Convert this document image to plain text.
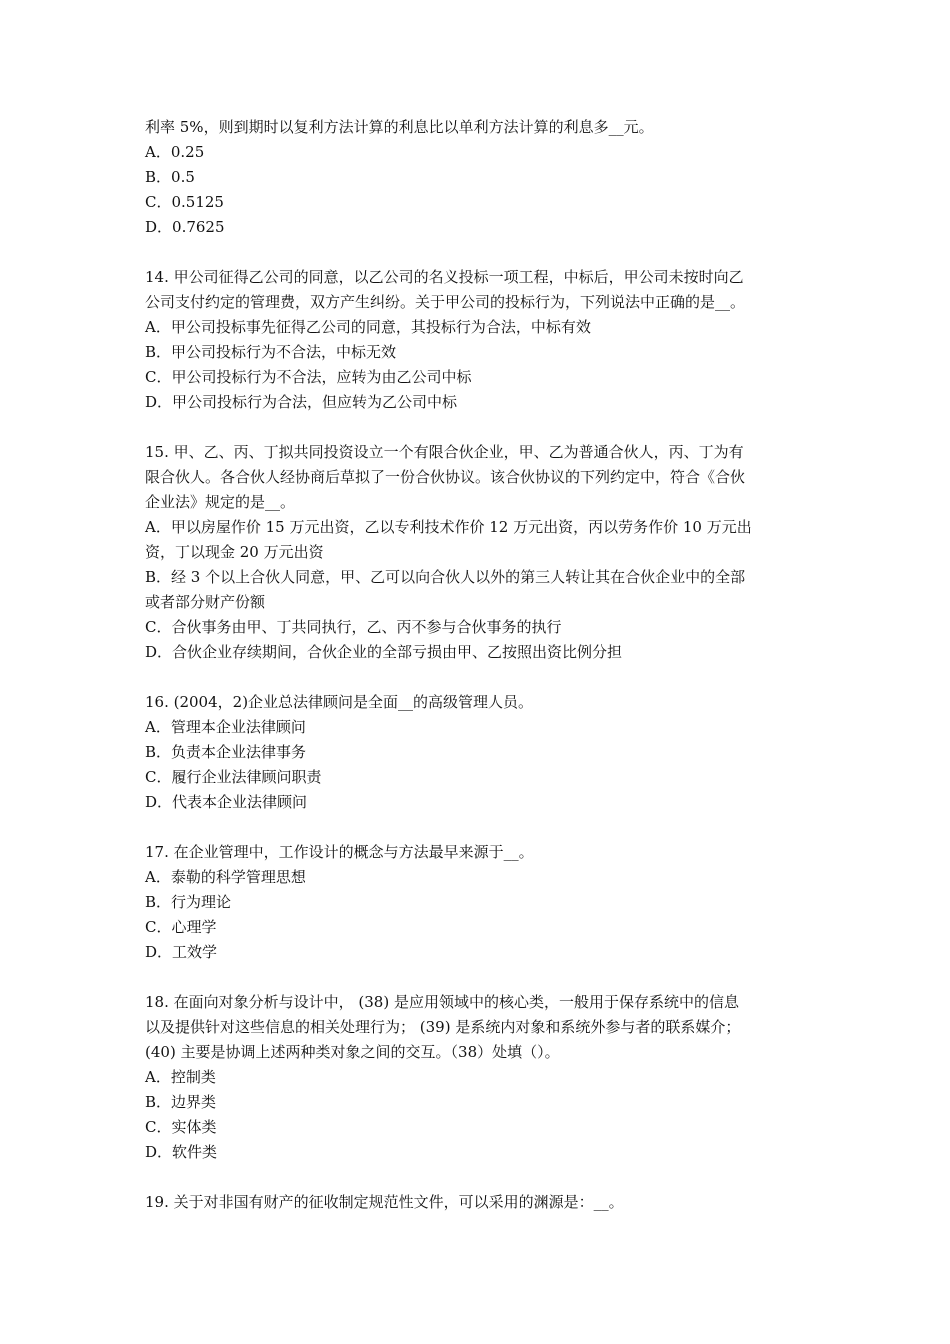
利率 5%，则到期时以复利方法计算的利息比以单利方法计算的利息多__元。
A．0.25
B．0.5
C．0.5125
D．0.7625
14. 甲公司征得乙公司的同意，以乙公司的名义投标一项工程，中标后，甲公司未按时向乙
公司支付约定的管理费，双方产生纠纷。关于甲公司的投标行为，下列说法中正确的是__。
A．甲公司投标事先征得乙公司的同意，其投标行为合法，中标有效
B．甲公司投标行为不合法，中标无效
C．甲公司投标行为不合法，应转为由乙公司中标
D．甲公司投标行为合法，但应转为乙公司中标
15. 甲、乙、丙、丁拟共同投资设立一个有限合伙企业，甲、乙为普通合伙人，丙、丁为有
限合伙人。各合伙人经协商后草拟了一份合伙协议。该合伙协议的下列约定中，符合《合伙
企业法》规定的是__。
A．甲以房屋作价 15 万元出资，乙以专利技术作价 12 万元出资，丙以劳务作价 10 万元出
资，丁以现金 20 万元出资
B．经 3 个以上合伙人同意，甲、乙可以向合伙人以外的第三人转让其在合伙企业中的全部
或者部分财产份额
C．合伙事务由甲、丁共同执行，乙、丙不参与合伙事务的执行
D．合伙企业存续期间，合伙企业的全部亏损由甲、乙按照出资比例分担
16. (2004，2)企业总法律顾问是全面__的高级管理人员。
A．管理本企业法律顾问
B．负责本企业法律事务
C．履行企业法律顾问职责
D．代表本企业法律顾问
17. 在企业管理中，工作设计的概念与方法最早来源于__。
A．泰勒的科学管理思想
B．行为理论
C．心理学
D．工效学
18. 在面向对象分析与设计中， (38) 是应用领域中的核心类，一般用于保存系统中的信息
以及提供针对这些信息的相关处理行为； (39) 是系统内对象和系统外参与者的联系媒介；
(40) 主要是协调上述两种类对象之间的交互。（38）处填（）。
A．控制类
B．边界类
C．实体类
D．软件类
19. 关于对非国有财产的征收制定规范性文件，可以采用的渊源是：__。
